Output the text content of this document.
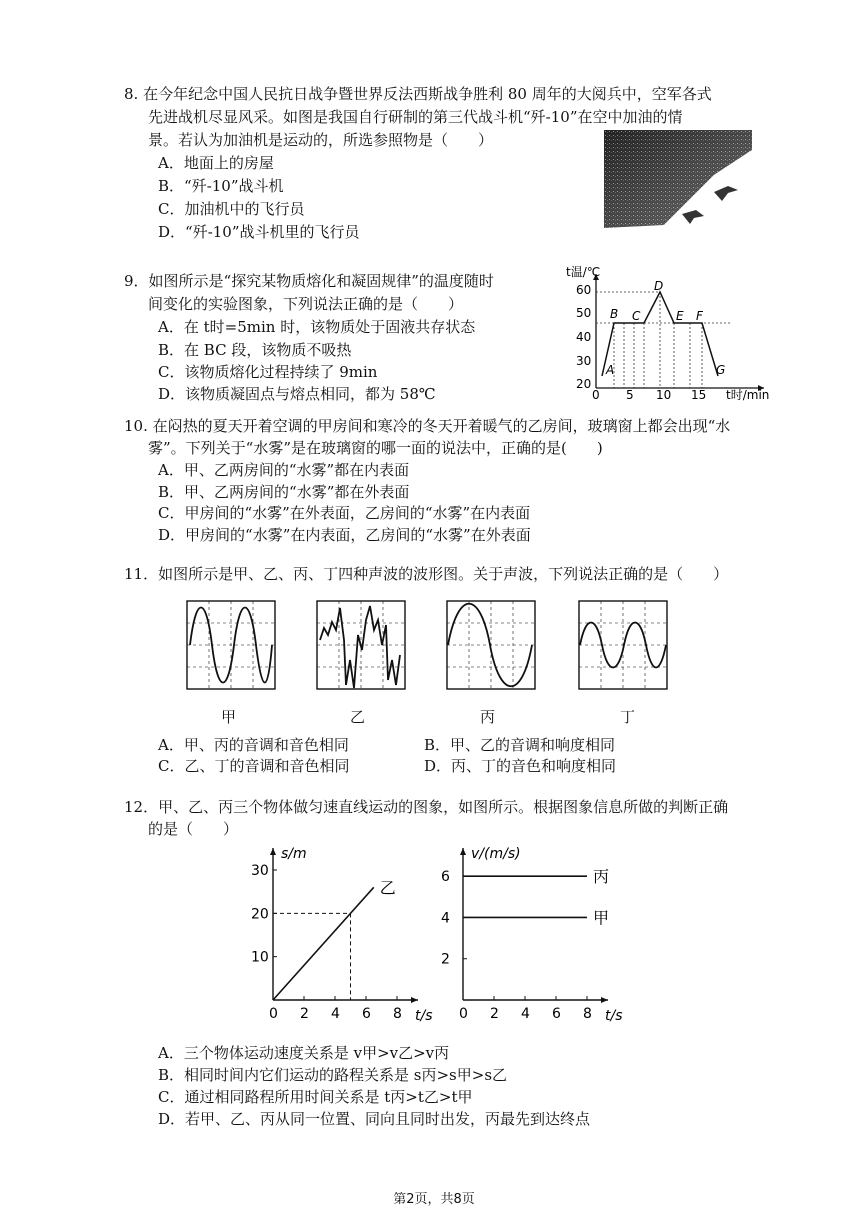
8. 在今年纪念中国人民抗日战争暨世界反法西斯战争胜利 80 周年的大阅兵中，空军各式
先进战机尽显风采。如图是我国自行研制的第三代战斗机“歼-10”在空中加油的情
景。若认为加油机是运动的，所选参照物是（　　）
A．地面上的房屋
B．“歼-10”战斗机
C．加油机中的飞行员
D．“歼-10”战斗机里的飞行员
9．如图所示是“探究某物质熔化和凝固规律”的温度随时
间变化的实验图象，下列说法正确的是（　　）
A．在 t时=5min 时，该物质处于固液共存状态
B．在 BC 段，该物质不吸热
C．该物质熔化过程持续了 9min
D．该物质凝固点与熔点相同，都为 58℃
t温/℃
t时/min
20
30
40
50
60
0 5 10 15
A
B C
D
E F
G
10. 在闷热的夏天开着空调的甲房间和寒冷的冬天开着暖气的乙房间，玻璃窗上都会出现“水
雾”。下列关于“水雾”是在玻璃窗的哪一面的说法中，正确的是(　　)
A．甲、乙两房间的“水雾”都在内表面
B．甲、乙两房间的“水雾”都在外表面
C．甲房间的“水雾”在外表面，乙房间的“水雾”在内表面
D．甲房间的“水雾”在内表面，乙房间的“水雾”在外表面
11．如图所示是甲、乙、丙、丁四种声波的波形图。关于声波，下列说法正确的是（　　）
甲	乙	丙	丁
A．甲、丙的音调和音色相同	B．甲、乙的音调和响度相同
C．乙、丁的音调和音色相同	D．丙、丁的音色和响度相同
12．甲、乙、丙三个物体做匀速直线运动的图象，如图所示。根据图象信息所做的判断正确
的是（　　）
s/m
t/s
0 2 4 6 8
10
20
30
乙
v/(m/s)
t/s
0 2 4 6 8
2
4
6	丙
甲
A．三个物体运动速度关系是 v甲>v乙>v丙
B．相同时间内它们运动的路程关系是 s丙>s甲>s乙
C．通过相同路程所用时间关系是 t丙>t乙>t甲
D．若甲、乙、丙从同一位置、同向且同时出发，丙最先到达终点
第2页，共8页
